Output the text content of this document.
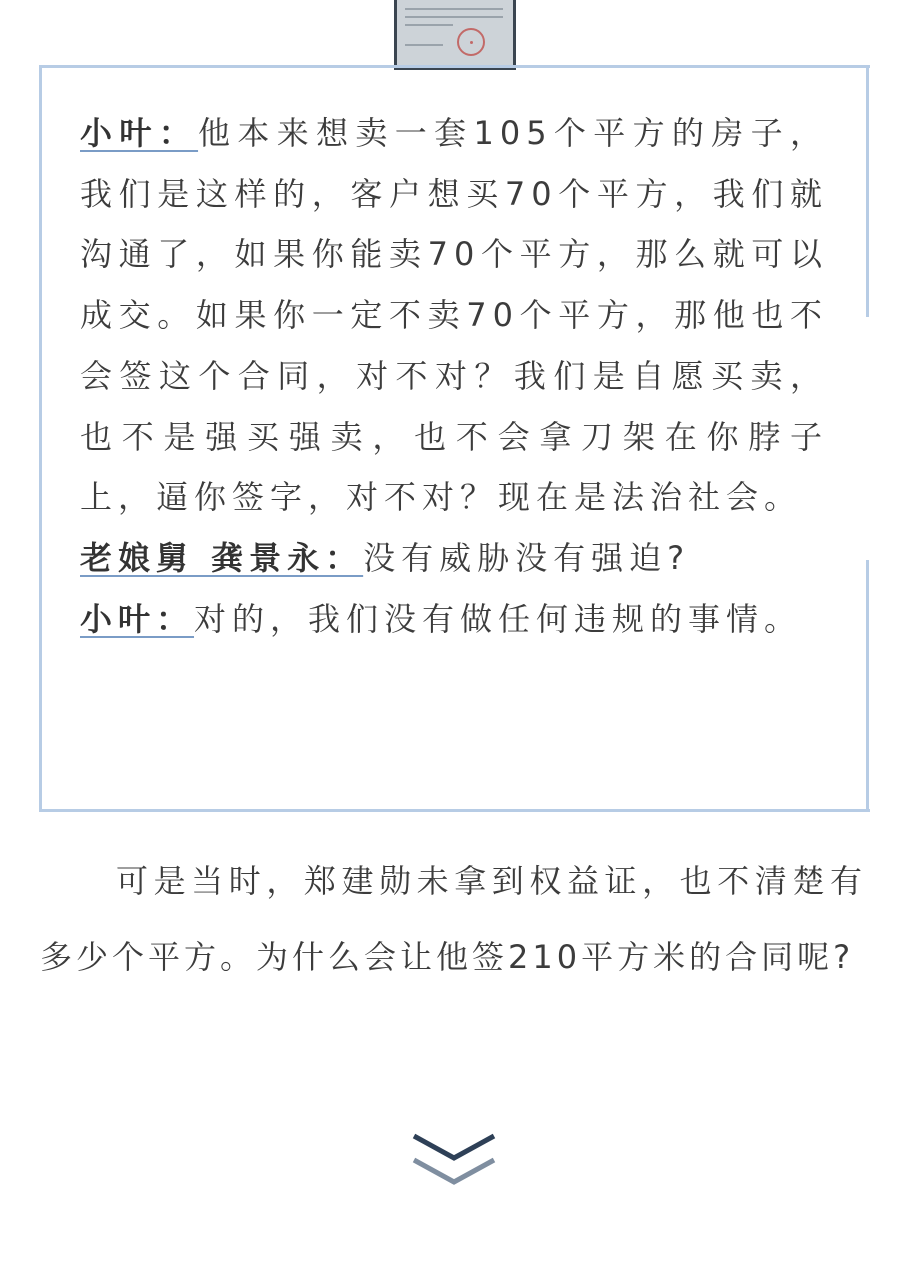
小叶：他本来想卖一套105个平方的房子，我们是这样的，客户想买70个平方，我们就沟通了，如果你能卖70个平方，那么就可以成交。如果你一定不卖70个平方，那他也不会签这个合同，对不对？我们是自愿买卖，也不是强买强卖，也不会拿刀架在你脖子上，逼你签字，对不对？现在是法治社会。

老娘舅 龚景永：没有威胁没有强迫?

小叶：对的，我们没有做任何违规的事情。

可是当时，郑建勋未拿到权益证，也不清楚有多少个平方。为什么会让他签210平方米的合同呢?
